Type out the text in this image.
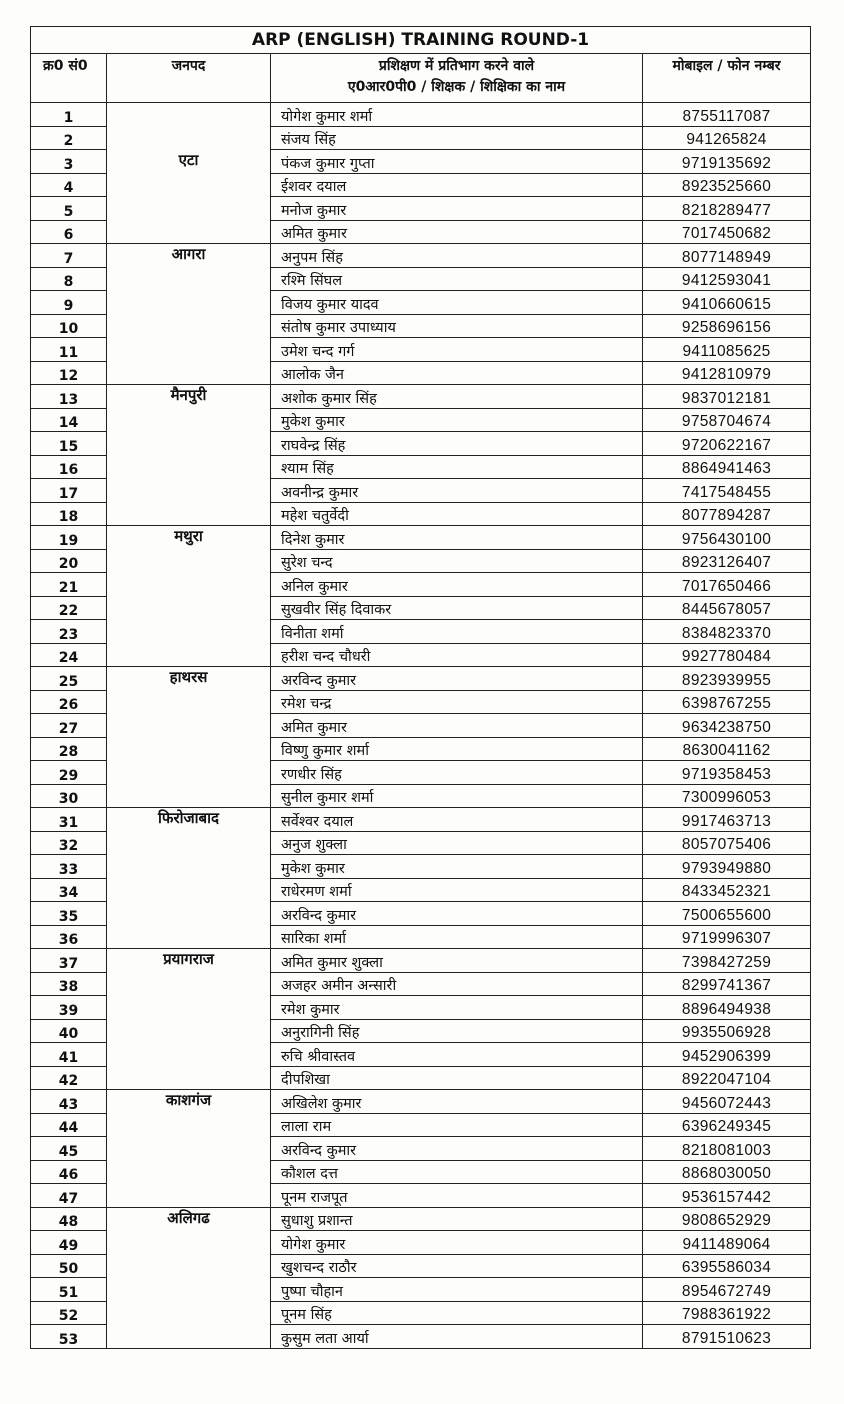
ARP (ENGLISH) TRAINING ROUND-1			
क्र0 सं0	जनपद	प्रशिक्षण में प्रतिभाग करने वाले
ए0आर0पी0 / शिक्षक / शिक्षिका का नाम	मोबाइल / फोन नम्बर
1		योगेश कुमार शर्मा	8755117087
2		संजय सिंह	941265824
3	एटा	पंकज कुमार गुप्ता	9719135692
4		ईशवर दयाल	8923525660
5		मनोज कुमार	8218289477
6		अमित कुमार	7017450682
7	आगरा	अनुपम सिंह	8077148949
8		रश्मि सिंघल	9412593041
9		विजय कुमार यादव	9410660615
10		संतोष कुमार उपाध्याय	9258696156
11		उमेश चन्द गर्ग	9411085625
12		आलोक जैन	9412810979
13	मैनपुरी	अशोक कुमार सिंह	9837012181
14		मुकेश कुमार	9758704674
15		राघवेन्द्र सिंह	9720622167
16		श्याम सिंह	8864941463
17		अवनीन्द्र कुमार	7417548455
18		महेश चतुर्वेदी	8077894287
19	मथुरा	दिनेश कुमार	9756430100
20		सुरेश चन्द	8923126407
21		अनिल कुमार	7017650466
22		सुखवीर सिंह दिवाकर	8445678057
23		विनीता शर्मा	8384823370
24		हरीश चन्द चौधरी	9927780484
25	हाथरस	अरविन्द कुमार	8923939955
26		रमेश चन्द्र	6398767255
27		अमित कुमार	9634238750
28		विष्णु कुमार शर्मा	8630041162
29		रणधीर सिंह	9719358453
30		सुनील कुमार शर्मा	7300996053
31	फिरोजाबाद	सर्वेश्वर दयाल	9917463713
32		अनुज शुक्ला	8057075406
33		मुकेश कुमार	9793949880
34		राधेरमण शर्मा	8433452321
35		अरविन्द कुमार	7500655600
36		सारिका शर्मा	9719996307
37	प्रयागराज	अमित कुमार शुक्ला	7398427259
38		अजहर अमीन अन्सारी	8299741367
39		रमेश कुमार	8896494938
40		अनुरागिनी सिंह	9935506928
41		रुचि श्रीवास्तव	9452906399
42		दीपशिखा	8922047104
43	काशगंज	अखिलेश कुमार	9456072443
44		लाला राम	6396249345
45		अरविन्द कुमार	8218081003
46		कौशल दत्त	8868030050
47		पूनम राजपूत	9536157442
48	अलिगढ	सुधाशु प्रशान्त	9808652929
49		योगेश कुमार	9411489064
50		खुशचन्द राठौर	6395586034
51		पुष्पा चौहान	8954672749
52		पूनम सिंह	7988361922
53		कुसुम लता आर्या	8791510623
